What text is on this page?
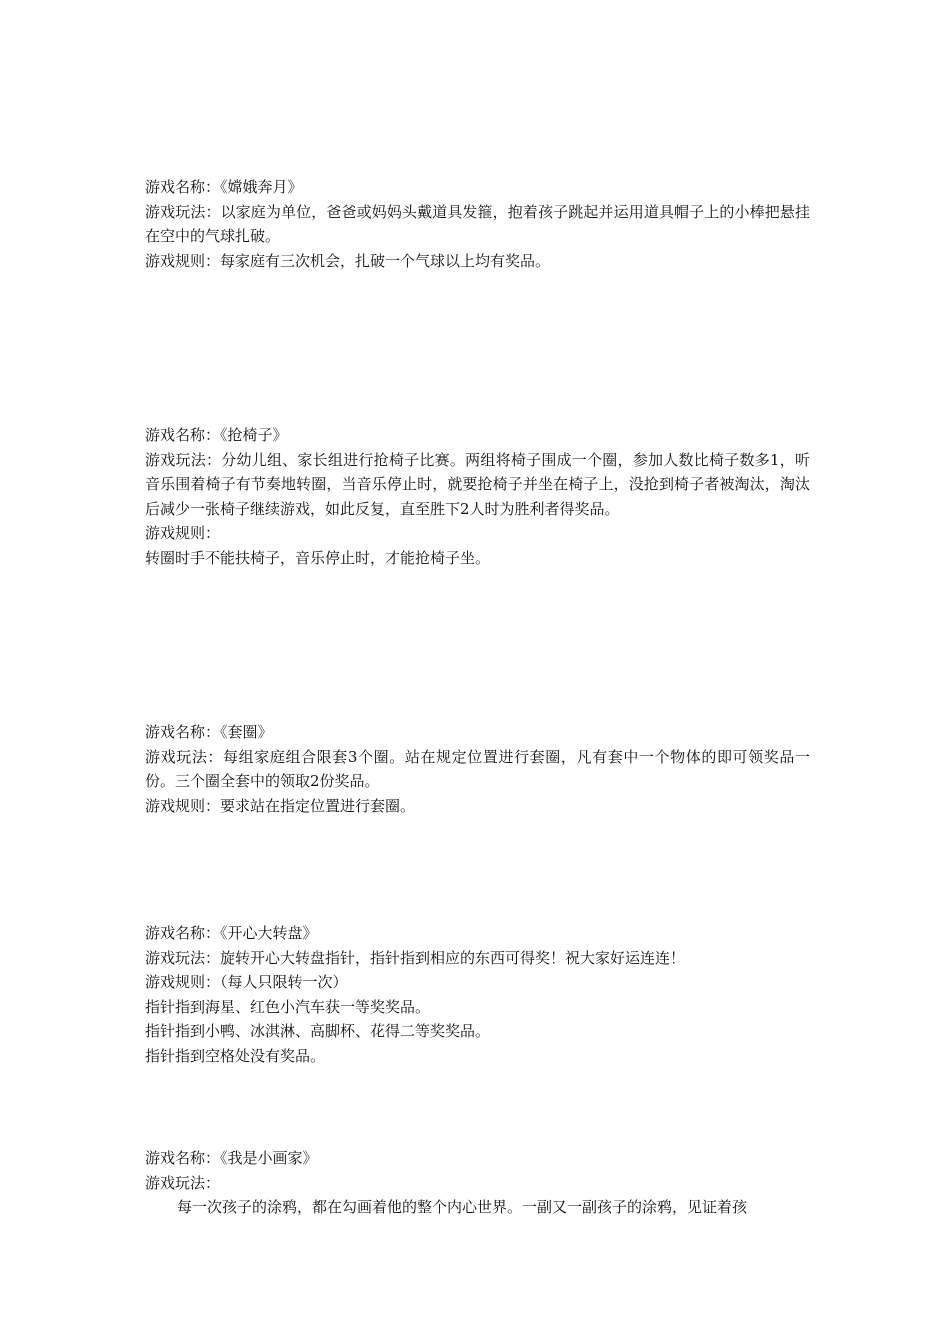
游戏名称：《嫦娥奔月》
游戏玩法：以家庭为单位，爸爸或妈妈头戴道具发箍，抱着孩子跳起并运用道具帽子上的小棒把悬挂在空中的气球扎破。
游戏规则：每家庭有三次机会，扎破一个气球以上均有奖品。
游戏名称：《抢椅子》
游戏玩法：分幼儿组、家长组进行抢椅子比赛。两组将椅子围成一个圈，参加人数比椅子数多1，听音乐围着椅子有节奏地转圈，当音乐停止时，就要抢椅子并坐在椅子上，没抢到椅子者被淘汰，淘汰后减少一张椅子继续游戏，如此反复，直至胜下2人时为胜利者得奖品。
游戏规则：
转圈时手不能扶椅子，音乐停止时，才能抢椅子坐。
游戏名称：《套圈》
游戏玩法：每组家庭组合限套3个圈。站在规定位置进行套圈，凡有套中一个物体的即可领奖品一份。三个圈全套中的领取2份奖品。
游戏规则：要求站在指定位置进行套圈。
游戏名称：《开心大转盘》
游戏玩法：旋转开心大转盘指针，指针指到相应的东西可得奖！祝大家好运连连！
游戏规则：（每人只限转一次）
指针指到海星、红色小汽车获一等奖奖品。
指针指到小鸭、冰淇淋、高脚杯、花得二等奖奖品。
指针指到空格处没有奖品。
游戏名称：《我是小画家》
游戏玩法：
每一次孩子的涂鸦，都在勾画着他的整个内心世界。一副又一副孩子的涂鸦，见证着孩
